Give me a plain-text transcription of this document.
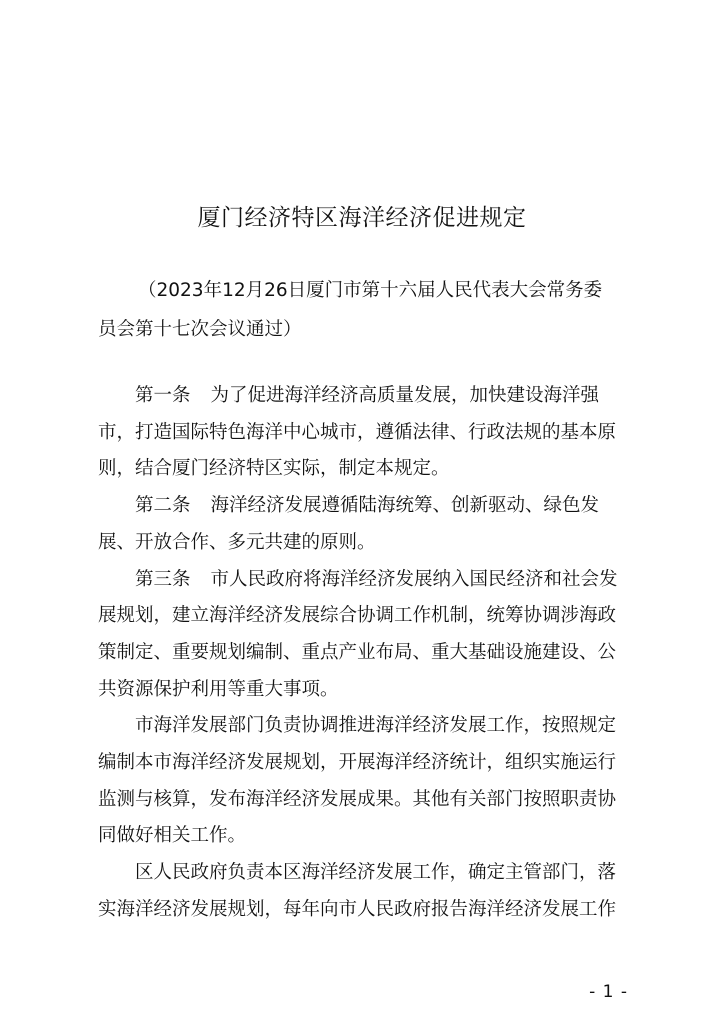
厦门经济特区海洋经济促进规定

（2023年12月26日厦门市第十六届人民代表大会常务委
员会第十七次会议通过）

第一条 为了促进海洋经济高质量发展，加快建设海洋强
市，打造国际特色海洋中心城市，遵循法律、行政法规的基本原
则，结合厦门经济特区实际，制定本规定。

第二条 海洋经济发展遵循陆海统筹、创新驱动、绿色发
展、开放合作、多元共建的原则。

第三条 市人民政府将海洋经济发展纳入国民经济和社会发
展规划，建立海洋经济发展综合协调工作机制，统筹协调涉海政
策制定、重要规划编制、重点产业布局、重大基础设施建设、公
共资源保护利用等重大事项。

市海洋发展部门负责协调推进海洋经济发展工作，按照规定
编制本市海洋经济发展规划，开展海洋经济统计，组织实施运行
监测与核算，发布海洋经济发展成果。其他有关部门按照职责协
同做好相关工作。

区人民政府负责本区海洋经济发展工作，确定主管部门，落
实海洋经济发展规划，每年向市人民政府报告海洋经济发展工作

- 1 -
